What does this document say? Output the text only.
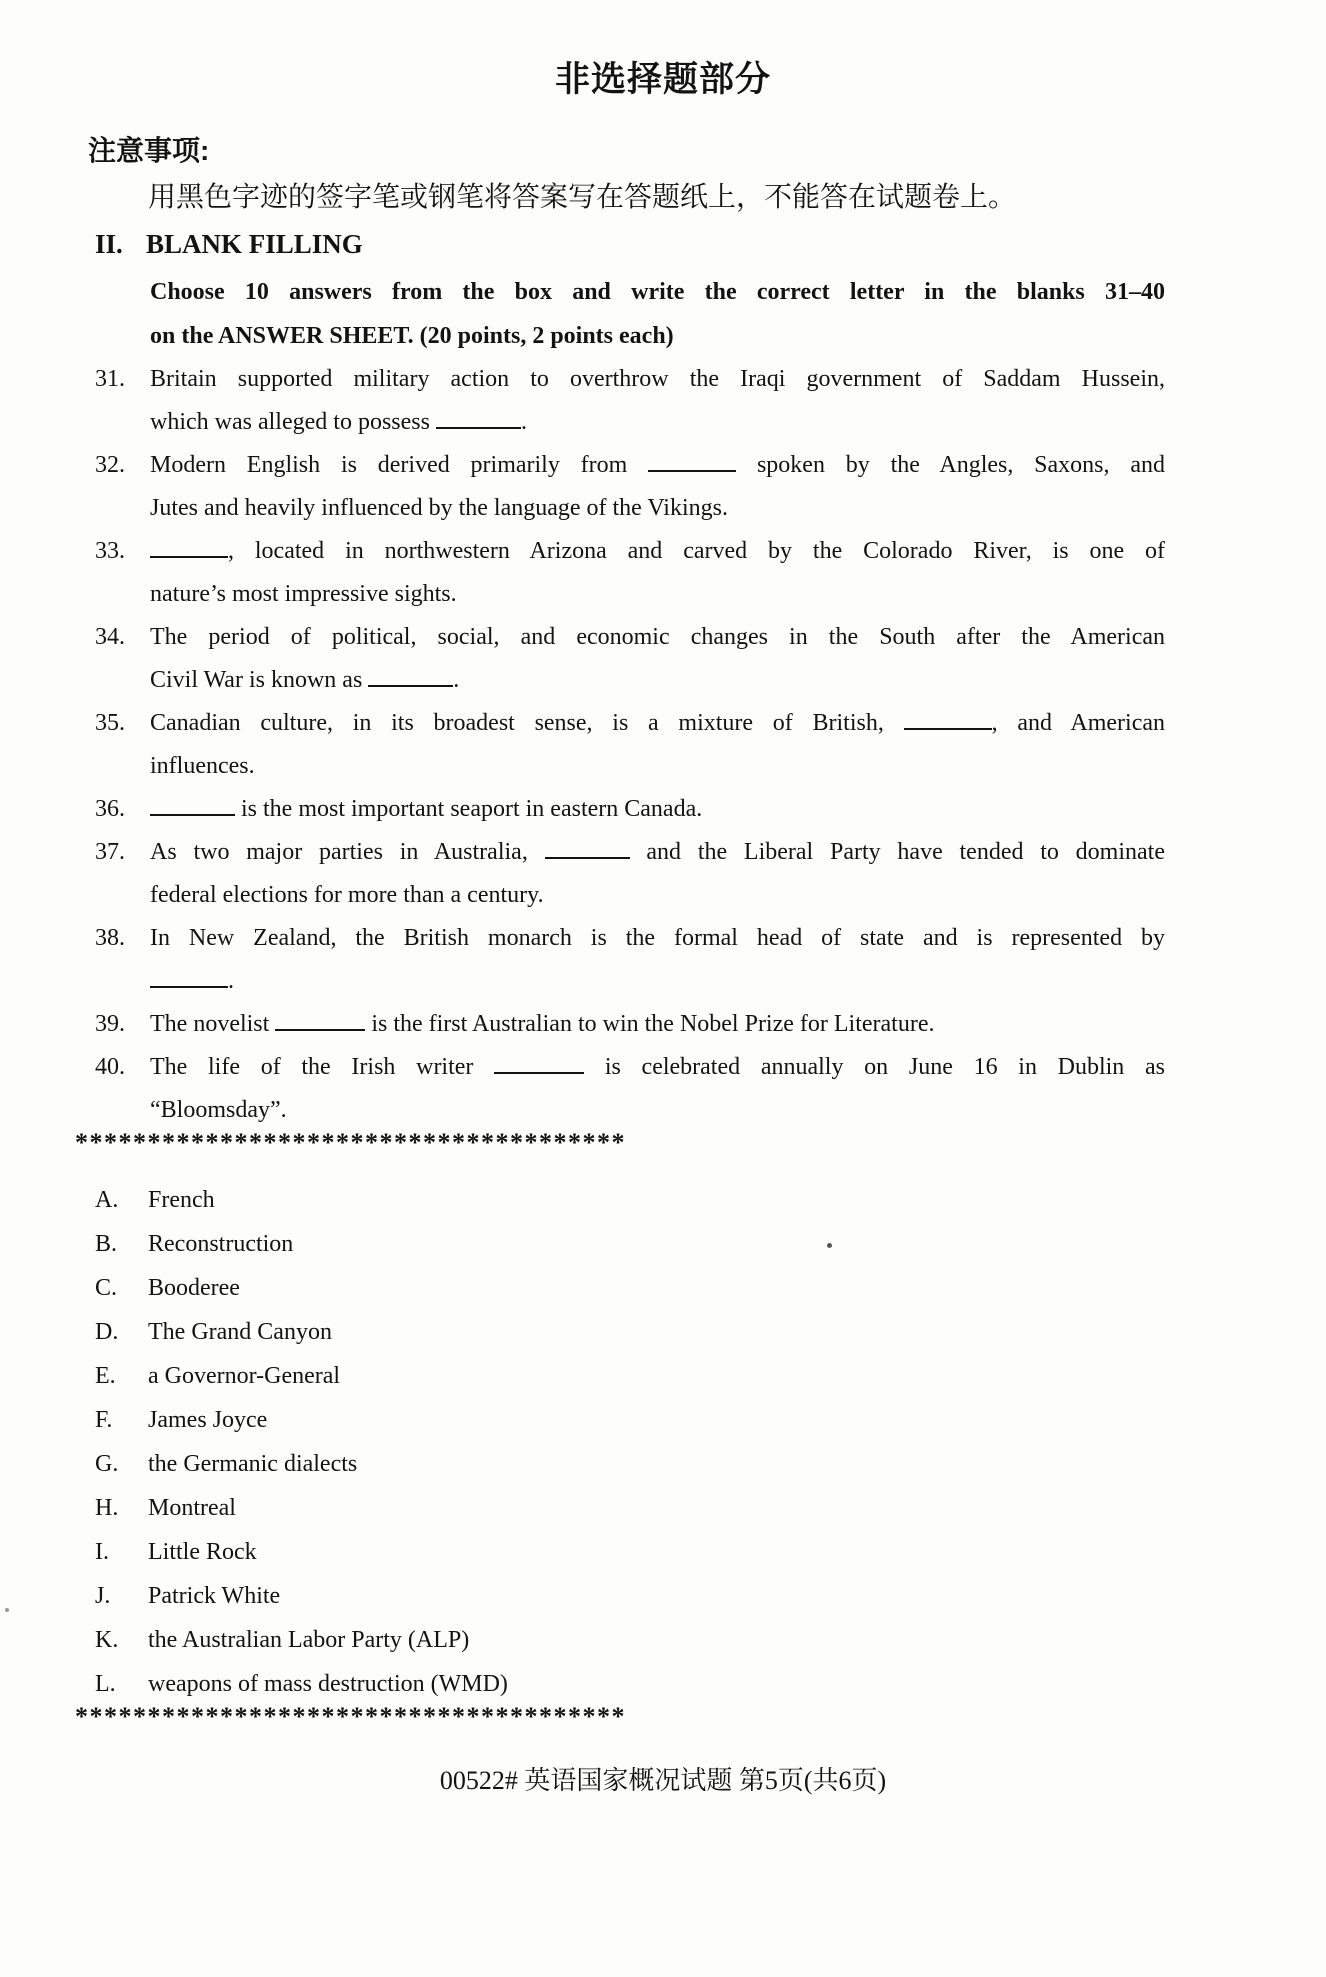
非选择题部分
注意事项:
用黑色字迹的签字笔或钢笔将答案写在答题纸上，不能答在试题卷上。
II. BLANK FILLING
Choose 10 answers from the box and write the correct letter in the blanks 31–40
on the ANSWER SHEET. (20 points, 2 points each)
31.	Britain supported military action to overthrow the Iraqi government of Saddam Hussein,
which was alleged to possess	.
32.	Modern English is derived primarily from	spoken by the Angles, Saxons, and
Jutes and heavily influenced by the language of the Vikings.
33.	, located in northwestern Arizona and carved by the Colorado River, is one of
nature’s most impressive sights.
34.	The period of political, social, and economic changes in the South after the American
Civil War is known as	.
35.	Canadian culture, in its broadest sense, is a mixture of British,	, and American
influences.
36.	is the most important seaport in eastern Canada.
37.	As two major parties in Australia,	and the Liberal Party have tended to dominate
federal elections for more than a century.
38.	In New Zealand, the British monarch is the formal head of state and is represented by
.
39.	The novelist	is the first Australian to win the Nobel Prize for Literature.
40.	The life of the Irish writer	is celebrated annually on June 16 in Dublin as
“Bloomsday”.
**************************************
A. French
B. Reconstruction
C. Booderee
D. The Grand Canyon
E. a Governor-General
F. James Joyce
G. the Germanic dialects
H. Montreal
I. Little Rock
J. Patrick White
K. the Australian Labor Party (ALP)
L. weapons of mass destruction (WMD)
**************************************
00522# 英语国家概况试题 第5页(共6页)
